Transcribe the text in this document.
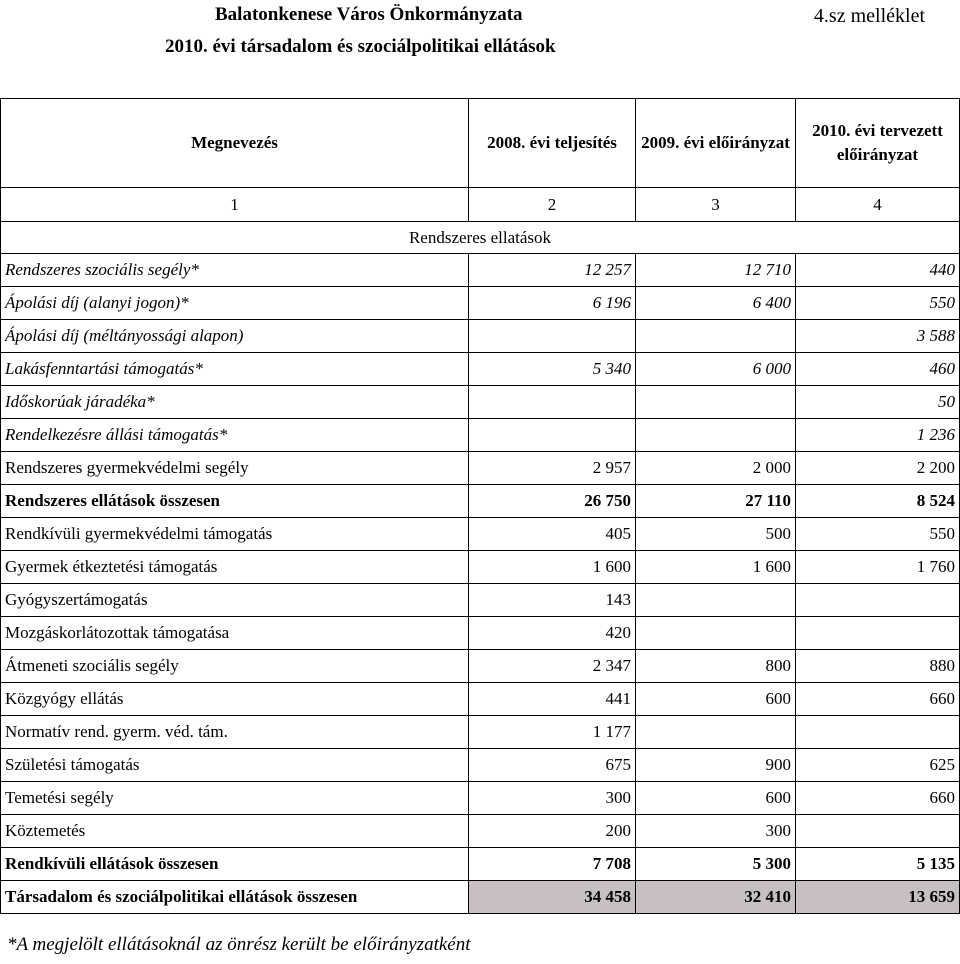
Balatonkenese Város Önkormányzata
2010. évi társadalom és szociálpolitikai ellátások
4.sz melléklet
Megnevezés	2008. évi teljesítés	2009. évi előirányzat	2010. évi tervezett előirányzat
1	2	3	4
Rendszeres ellatások			
Rendszeres szociális segély*	12 257	12 710	440
Ápolási díj (alanyi jogon)*	6 196	6 400	550
Ápolási díj (méltányossági alapon)			3 588
Lakásfenntartási támogatás*	5 340	6 000	460
Időskorúak járadéka*			50
Rendelkezésre állási támogatás*			1 236
Rendszeres gyermekvédelmi segély	2 957	2 000	2 200
Rendszeres ellátások összesen	26 750	27 110	8 524
Rendkívüli gyermekvédelmi támogatás	405	500	550
Gyermek étkeztetési támogatás	1 600	1 600	1 760
Gyógyszertámogatás	143		
Mozgáskorlátozottak támogatása	420		
Átmeneti szociális segély	2 347	800	880
Közgyógy ellátás	441	600	660
Normatív rend. gyerm. véd. tám.	1 177		
Születési támogatás	675	900	625
Temetési segély	300	600	660
Köztemetés	200	300	
Rendkívüli ellátások összesen	7 708	5 300	5 135
Társadalom és szociálpolitikai ellátások összesen	34 458	32 410	13 659
*A megjelölt ellátásoknál az önrész került be előirányzatként
